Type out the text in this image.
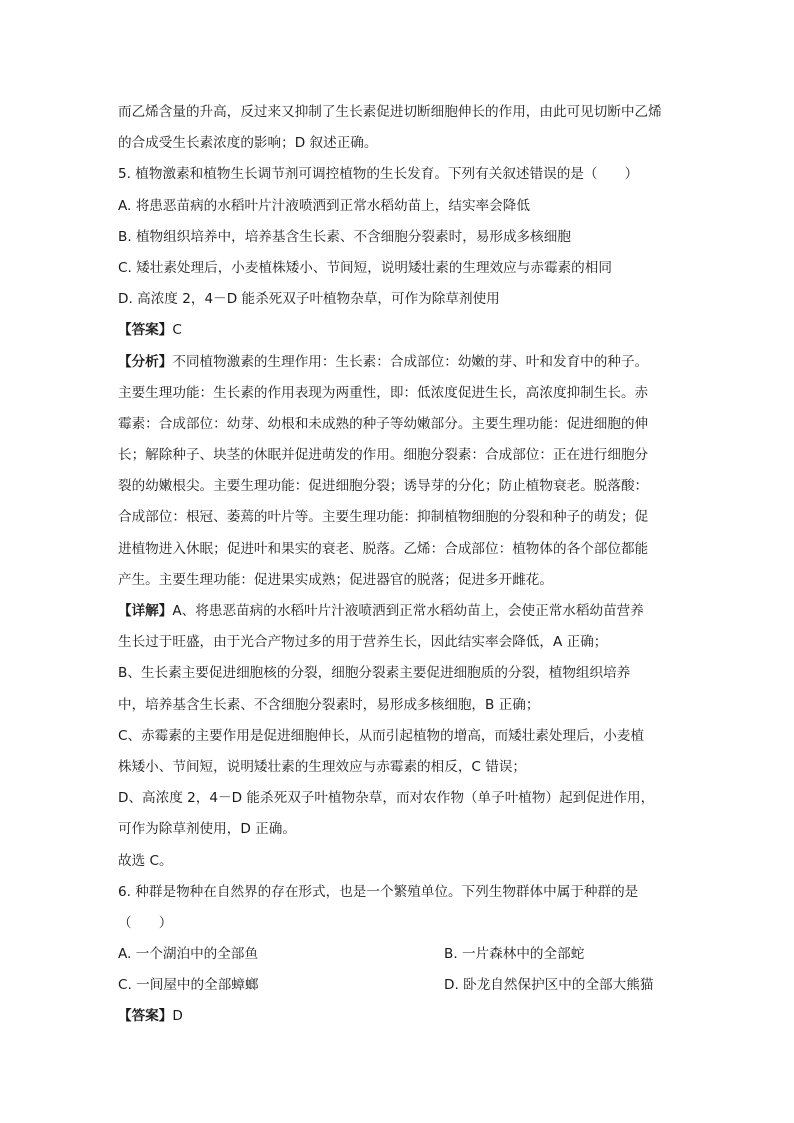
而乙烯含量的升高，反过来又抑制了生长素促进切断细胞伸长的作用，由此可见切断中乙烯
的合成受生长素浓度的影响；D 叙述正确。
5. 植物激素和植物生长调节剂可调控植物的生长发育。下列有关叙述错误的是（　　）
A. 将患恶苗病的水稻叶片汁液喷洒到正常水稻幼苗上，结实率会降低
B. 植物组织培养中，培养基含生长素、不含细胞分裂素时，易形成多核细胞
C. 矮壮素处理后，小麦植株矮小、节间短，说明矮壮素的生理效应与赤霉素的相同
D. 高浓度 2，4－D 能杀死双子叶植物杂草，可作为除草剂使用
【答案】C
【分析】不同植物激素的生理作用：生长素：合成部位：幼嫩的芽、叶和发育中的种子。
主要生理功能：生长素的作用表现为两重性，即：低浓度促进生长，高浓度抑制生长。赤
霉素：合成部位：幼芽、幼根和未成熟的种子等幼嫩部分。主要生理功能：促进细胞的伸
长；解除种子、块茎的休眠并促进萌发的作用。细胞分裂素：合成部位：正在进行细胞分
裂的幼嫩根尖。主要生理功能：促进细胞分裂；诱导芽的分化；防止植物衰老。脱落酸：
合成部位：根冠、萎蔫的叶片等。主要生理功能：抑制植物细胞的分裂和种子的萌发；促
进植物进入休眠；促进叶和果实的衰老、脱落。乙烯：合成部位：植物体的各个部位都能
产生。主要生理功能：促进果实成熟；促进器官的脱落；促进多开雌花。
【详解】A、将患恶苗病的水稻叶片汁液喷洒到正常水稻幼苗上，会使正常水稻幼苗营养
生长过于旺盛，由于光合产物过多的用于营养生长，因此结实率会降低，A 正确；
B、生长素主要促进细胞核的分裂，细胞分裂素主要促进细胞质的分裂，植物组织培养
中，培养基含生长素、不含细胞分裂素时，易形成多核细胞，B 正确；
C、赤霉素的主要作用是促进细胞伸长，从而引起植物的增高，而矮壮素处理后，小麦植
株矮小、节间短，说明矮壮素的生理效应与赤霉素的相反，C 错误；
D、高浓度 2，4－D 能杀死双子叶植物杂草，而对农作物（单子叶植物）起到促进作用，
可作为除草剂使用，D 正确。
故选 C。
6. 种群是物种在自然界的存在形式，也是一个繁殖单位。下列生物群体中属于种群的是
（　　）
A. 一个湖泊中的全部鱼	B. 一片森林中的全部蛇
C. 一间屋中的全部蟑螂	D. 卧龙自然保护区中的全部大熊猫
【答案】D
